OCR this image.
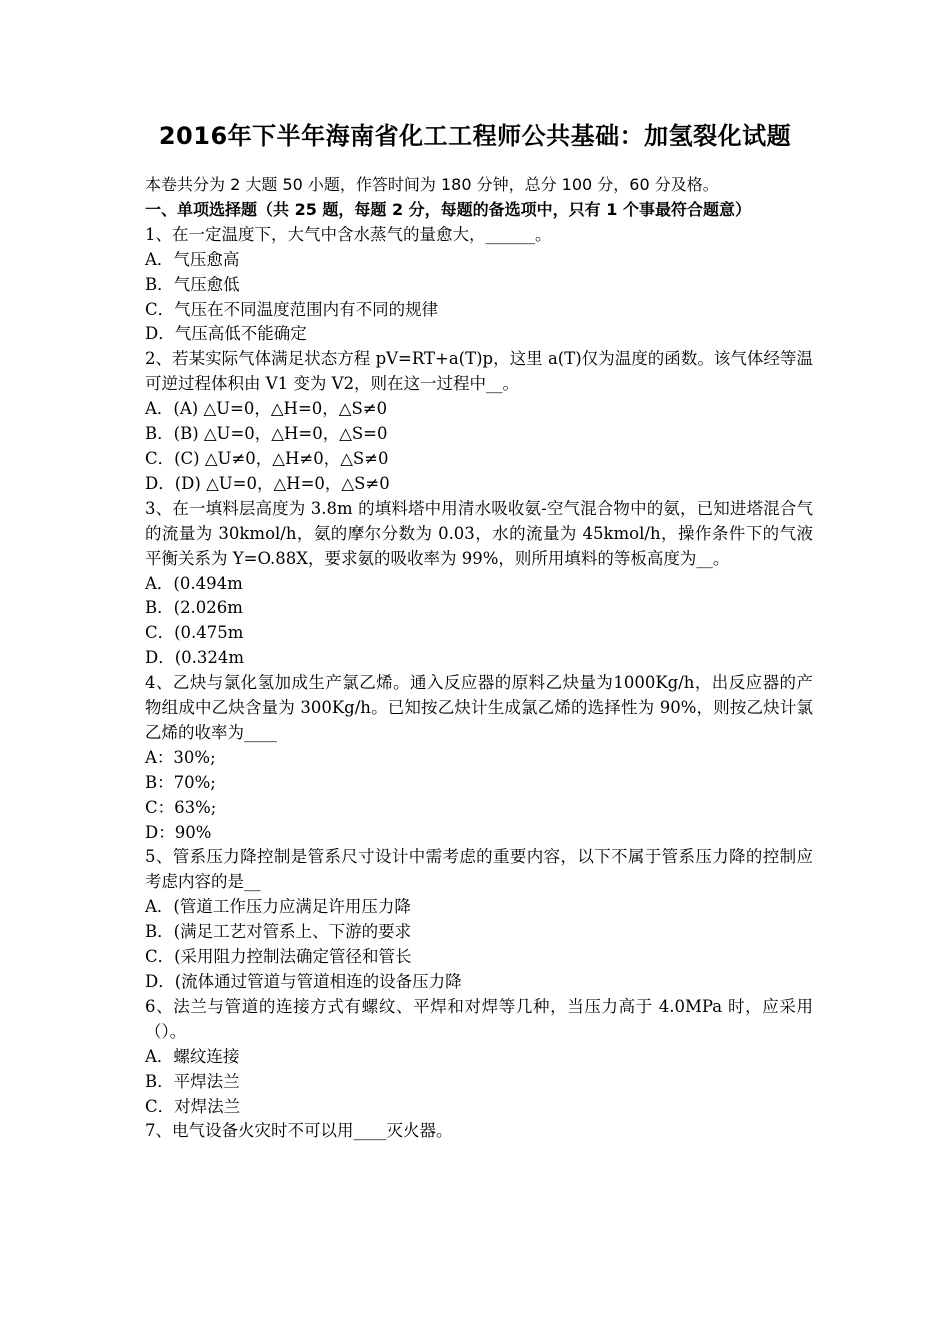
2016年下半年海南省化工工程师公共基础：加氢裂化试题
本卷共分为 2 大题 50 小题，作答时间为 180 分钟，总分 100 分，60 分及格。
一、单项选择题（共 25 题，每题 2 分，每题的备选项中，只有 1 个事最符合题意）
1、在一定温度下，大气中含水蒸气的量愈大，______。
A．气压愈高
B．气压愈低
C．气压在不同温度范围内有不同的规律
D．气压高低不能确定
2、若某实际气体满足状态方程 pV=RT+a(T)p，这里 a(T)仅为温度的函数。该气体经等温可逆过程体积由 V1 变为 V2，则在这一过程中__。
A．(A) △U=0，△H=0，△S≠0
B．(B) △U=0，△H=0，△S=0
C．(C) △U≠0，△H≠0，△S≠0
D．(D) △U=0，△H=0，△S≠0
3、在一填料层高度为 3.8m 的填料塔中用清水吸收氨-空气混合物中的氨，已知进塔混合气的流量为 30kmol/h，氨的摩尔分数为 0.03，水的流量为 45kmol/h，操作条件下的气液平衡关系为 Y=O.88X，要求氨的吸收率为 99%，则所用填料的等板高度为__。
A．(0.494m
B．(2.026m
C．(0.475m
D．(0.324m
4、乙炔与氯化氢加成生产氯乙烯。通入反应器的原料乙炔量为1000Kg/h，出反应器的产物组成中乙炔含量为 300Kg/h。已知按乙炔计生成氯乙烯的选择性为 90%，则按乙炔计氯乙烯的收率为____
A：30%;
B：70%;
C：63%;
D：90%
5、管系压力降控制是管系尺寸设计中需考虑的重要内容，以下不属于管系压力降的控制应考虑内容的是__
A．(管道工作压力应满足许用压力降
B．(满足工艺对管系上、下游的要求
C．(采用阻力控制法确定管径和管长
D．(流体通过管道与管道相连的设备压力降
6、法兰与管道的连接方式有螺纹、平焊和对焊等几种，当压力高于 4.0MPa 时，应采用（）。
A．螺纹连接
B．平焊法兰
C．对焊法兰
7、电气设备火灾时不可以用____灭火器。
